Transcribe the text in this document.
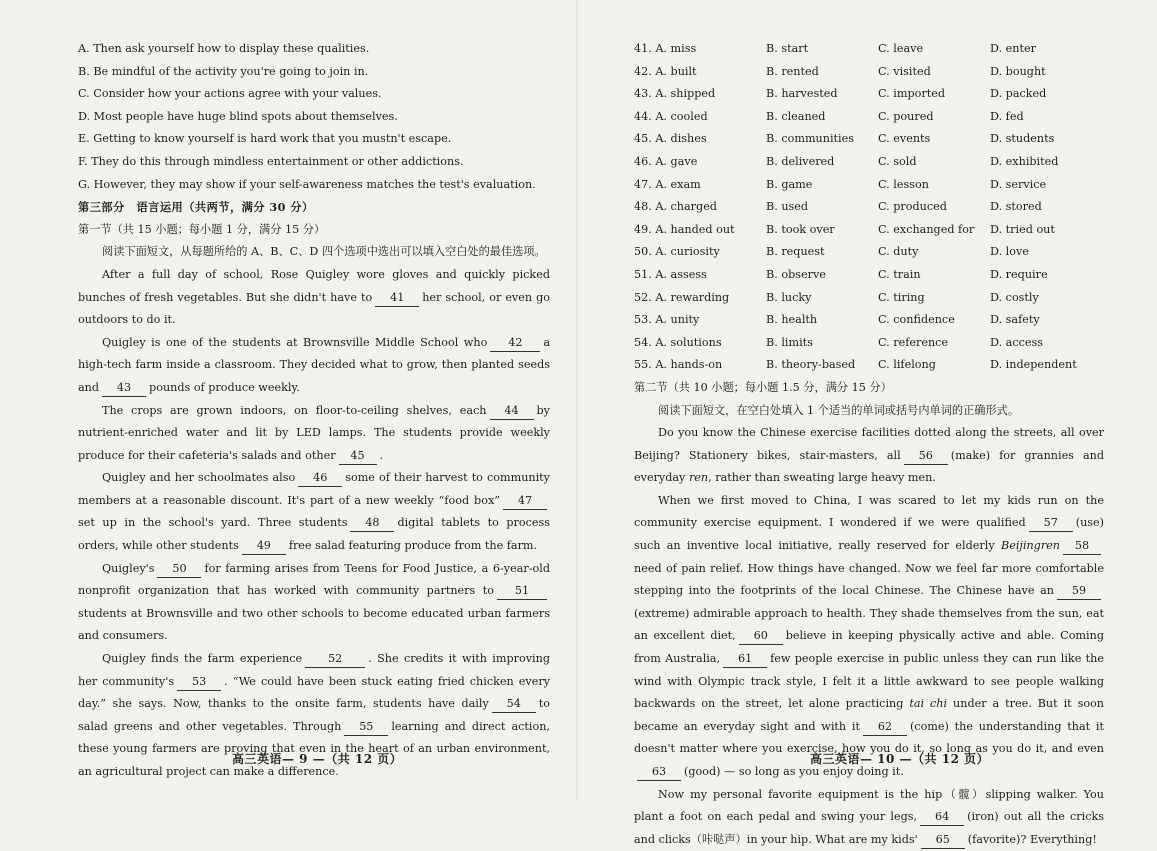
A. Then ask yourself how to display these qualities.
B. Be mindful of the activity you're going to join in.
C. Consider how your actions agree with your values.
D. Most people have huge blind spots about themselves.
E. Getting to know yourself is hard work that you mustn't escape.
F. They do this through mindless entertainment or other addictions.
G. However, they may show if your self-awareness matches the test's evaluation.
第三部分　语言运用（共两节，满分 30 分）
第一节（共 15 小题；每小题 1 分，满分 15 分）

阅读下面短文，从每题所给的 A、B、C、D 四个选项中选出可以填入空白处的最佳选项。

After a full day of school, Rose Quigley wore gloves and quickly picked bunches of fresh vegetables. But she didn't have to 41 her school, or even go outdoors to do it.

Quigley is one of the students at Brownsville Middle School who 42 a high-tech farm inside a classroom. They decided what to grow, then planted seeds and 43 pounds of produce weekly.

The crops are grown indoors, on floor-to-ceiling shelves, each 44 by nutrient-enriched water and lit by LED lamps. The students provide weekly produce for their cafeteria's salads and other 45 .

Quigley and her schoolmates also 46 some of their harvest to community members at a reasonable discount. It's part of a new weekly “food box” 47set up in the school's yard. Three students 48 digital tablets to process orders, while other students 49 free salad featuring produce from the farm.

Quigley's 50 for farming arises from Teens for Food Justice, a 6-year-old nonprofit organization that has worked with community partners to 51students at Brownsville and two other schools to become educated urban farmers and consumers.

Quigley finds the farm experience 52 . She credits it with improving her community's 53 . “We could have been stuck eating fried chicken every day.” she says. Now, thanks to the onsite farm, students have daily 54 to salad greens and other vegetables. Through 55 learning and direct action, these young farmers are proving that even in the heart of an urban environment, an agricultural project can make a difference.

高三英语— 9 —（共 12 页）
41. A. miss	B. start	C. leave	D. enter
42. A. built	B. rented	C. visited	D. bought
43. A. shipped	B. harvested	C. imported	D. packed
44. A. cooled	B. cleaned	C. poured	D. fed
45. A. dishes	B. communities	C. events	D. students
46. A. gave	B. delivered	C. sold	D. exhibited
47. A. exam	B. game	C. lesson	D. service
48. A. charged	B. used	C. produced	D. stored
49. A. handed out	B. took over	C. exchanged for	D. tried out
50. A. curiosity	B. request	C. duty	D. love
51. A. assess	B. observe	C. train	D. require
52. A. rewarding	B. lucky	C. tiring	D. costly
53. A. unity	B. health	C. confidence	D. safety
54. A. solutions	B. limits	C. reference	D. access
55. A. hands-on	B. theory-based	C. lifelong	D. independent
第二节（共 10 小题；每小题 1.5 分，满分 15 分）

阅读下面短文，在空白处填入 1 个适当的单词或括号内单词的正确形式。

Do you know the Chinese exercise facilities dotted along the streets, all over Beijing? Stationery bikes, stair-masters, all 56 (make) for grannies and everyday ren, rather than sweating large heavy men.

When we first moved to China, I was scared to let my kids run on the community exercise equipment. I wondered if we were qualified 57 (use) such an inventive local initiative, really reserved for elderly Beijingren 58need of pain relief. How things have changed. Now we feel far more comfortable stepping into the footprints of the local Chinese. The Chinese have an 59(extreme) admirable approach to health. They shade themselves from the sun, eat an excellent diet, 60 believe in keeping physically active and able. Coming from Australia, 61 few people exercise in public unless they can run like the wind with Olympic track style, I felt it a little awkward to see people walking backwards on the street, let alone practicing tai chi under a tree. But it soon became an everyday sight and with it 62 (come) the understanding that it doesn't matter where you exercise, how you do it, so long as you do it, and even63 (good) — so long as you enjoy doing it.

Now my personal favorite equipment is the hip（髋）slipping walker. You plant a foot on each pedal and swing your legs, 64 (iron) out all the cricks and clicks（咔哒声）in your hip. What are my kids' 65 (favorite)? Everything!

高三英语— 10 —（共 12 页）
